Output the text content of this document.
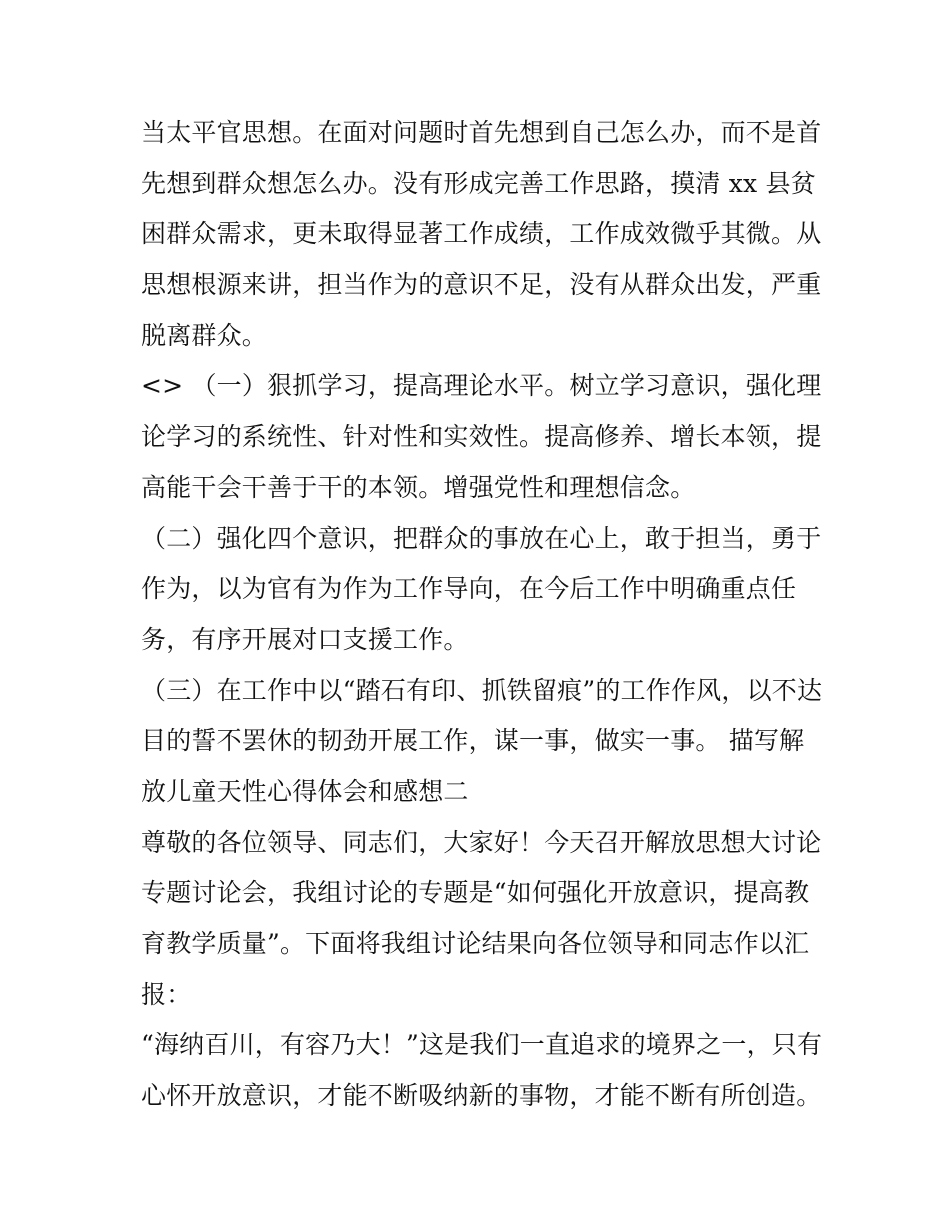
当太平官思想。在面对问题时首先想到自己怎么办，而不是首
先想到群众想怎么办。没有形成完善工作思路，摸清 xx 县贫
困群众需求，更未取得显著工作成绩，工作成效微乎其微。从
思想根源来讲，担当作为的意识不足，没有从群众出发，严重
脱离群众。
<> （一）狠抓学习，提高理论水平。树立学习意识，强化理
论学习的系统性、针对性和实效性。提高修养、增长本领，提
高能干会干善于干的本领。增强党性和理想信念。
（二）强化四个意识，把群众的事放在心上，敢于担当，勇于
作为，以为官有为作为工作导向，在今后工作中明确重点任
务，有序开展对口支援工作。
（三）在工作中以“踏石有印、抓铁留痕”的工作作风，以不达
目的誓不罢休的韧劲开展工作，谋一事，做实一事。 描写解
放儿童天性心得体会和感想二
尊敬的各位领导、同志们，大家好！今天召开解放思想大讨论
专题讨论会，我组讨论的专题是“如何强化开放意识，提高教
育教学质量”。下面将我组讨论结果向各位领导和同志作以汇
报：
“海纳百川，有容乃大！”这是我们一直追求的境界之一，只有
心怀开放意识，才能不断吸纳新的事物，才能不断有所创造。
